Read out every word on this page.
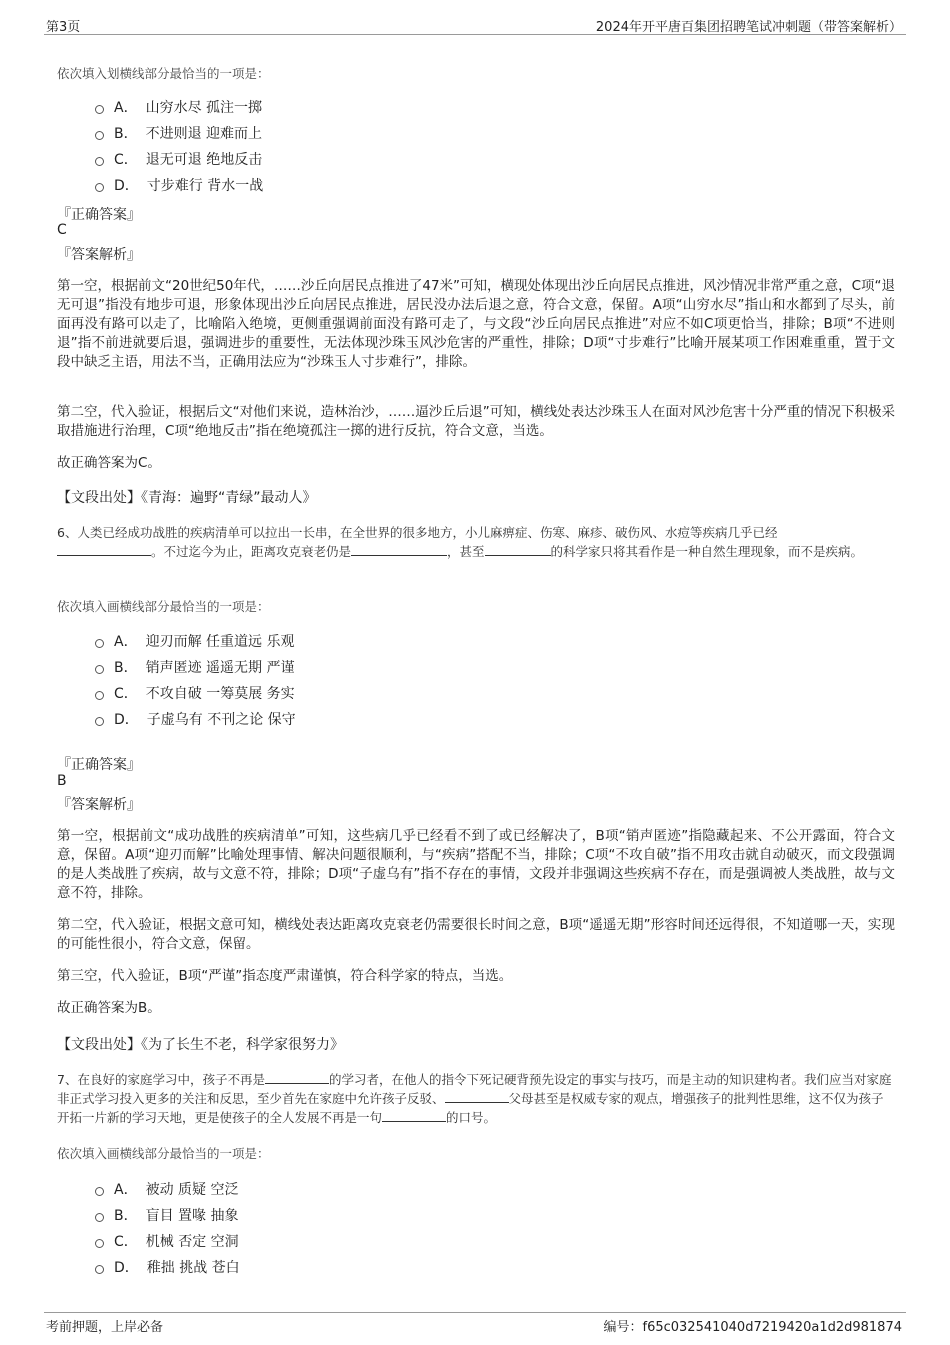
第3页	2024年开平唐百集团招聘笔试冲刺题（带答案解析）
依次填入划横线部分最恰当的一项是：
A． 山穷水尽 孤注一掷
B． 不进则退 迎难而上
C． 退无可退 绝地反击
D． 寸步难行 背水一战
『正确答案』
C
『答案解析』
第一空，根据前文“20世纪50年代，……沙丘向居民点推进了47米”可知，横现处体现出沙丘向居民点推进，风沙情况非常严重之意，C项“退无可退”指没有地步可退，形象体现出沙丘向居民点推进，居民没办法后退之意，符合文意，保留。A项“山穷水尽”指山和水都到了尽头，前面再没有路可以走了，比喻陷入绝境，更侧重强调前面没有路可走了，与文段“沙丘向居民点推进”对应不如C项更恰当，排除；B项“不进则退”指不前进就要后退，强调进步的重要性，无法体现沙珠玉风沙危害的严重性，排除；D项“寸步难行”比喻开展某项工作困难重重，置于文段中缺乏主语，用法不当，正确用法应为“沙珠玉人寸步难行”，排除。
第二空，代入验证，根据后文“对他们来说，造林治沙，……逼沙丘后退”可知，横线处表达沙珠玉人在面对风沙危害十分严重的情况下积极采取措施进行治理，C项“绝地反击”指在绝境孤注一掷的进行反抗，符合文意，当选。
故正确答案为C。
【文段出处】《青海：遍野“青绿”最动人》
6、人类已经成功战胜的疾病清单可以拉出一长串，在全世界的很多地方，小儿麻痹症、伤寒、麻疹、破伤风、水痘等疾病几乎已经
。不过迄今为止，距离攻克衰老仍是	，甚至	的科学家只将其看作是一种自然生理现象，而不是疾病。
依次填入画横线部分最恰当的一项是：
A． 迎刃而解 任重道远 乐观
B． 销声匿迹 遥遥无期 严谨
C． 不攻自破 一筹莫展 务实
D． 子虚乌有 不刊之论 保守
『正确答案』
B
『答案解析』
第一空，根据前文“成功战胜的疾病清单”可知，这些病几乎已经看不到了或已经解决了，B项“销声匿迹”指隐藏起来、不公开露面，符合文意，保留。A项“迎刃而解”比喻处理事情、解决问题很顺利，与“疾病”搭配不当，排除；C项“不攻自破”指不用攻击就自动破灭，而文段强调的是人类战胜了疾病，故与文意不符，排除；D项“子虚乌有”指不存在的事情，文段并非强调这些疾病不存在，而是强调被人类战胜，故与文意不符，排除。
第二空，代入验证，根据文意可知，横线处表达距离攻克衰老仍需要很长时间之意，B项“遥遥无期”形容时间还远得很，不知道哪一天，实现的可能性很小，符合文意，保留。
第三空，代入验证，B项“严谨”指态度严肃谨慎，符合科学家的特点，当选。
故正确答案为B。
【文段出处】《为了长生不老，科学家很努力》
7、在良好的家庭学习中，孩子不再是	的学习者，在他人的指令下死记硬背预先设定的事实与技巧，而是主动的知识建构者。我们应当对家庭非正式学习投入更多的关注和反思，至少首先在家庭中允许孩子反驳、	父母甚至是权威专家的观点，增强孩子的批判性思维，这不仅为孩子开拓一片新的学习天地，更是使孩子的全人发展不再是一句	的口号。
依次填入画横线部分最恰当的一项是：
A． 被动 质疑 空泛
B． 盲目 置喙 抽象
C． 机械 否定 空洞
D． 稚拙 挑战 苍白
考前押题，上岸必备	编号：f65c032541040d7219420a1d2d981874
